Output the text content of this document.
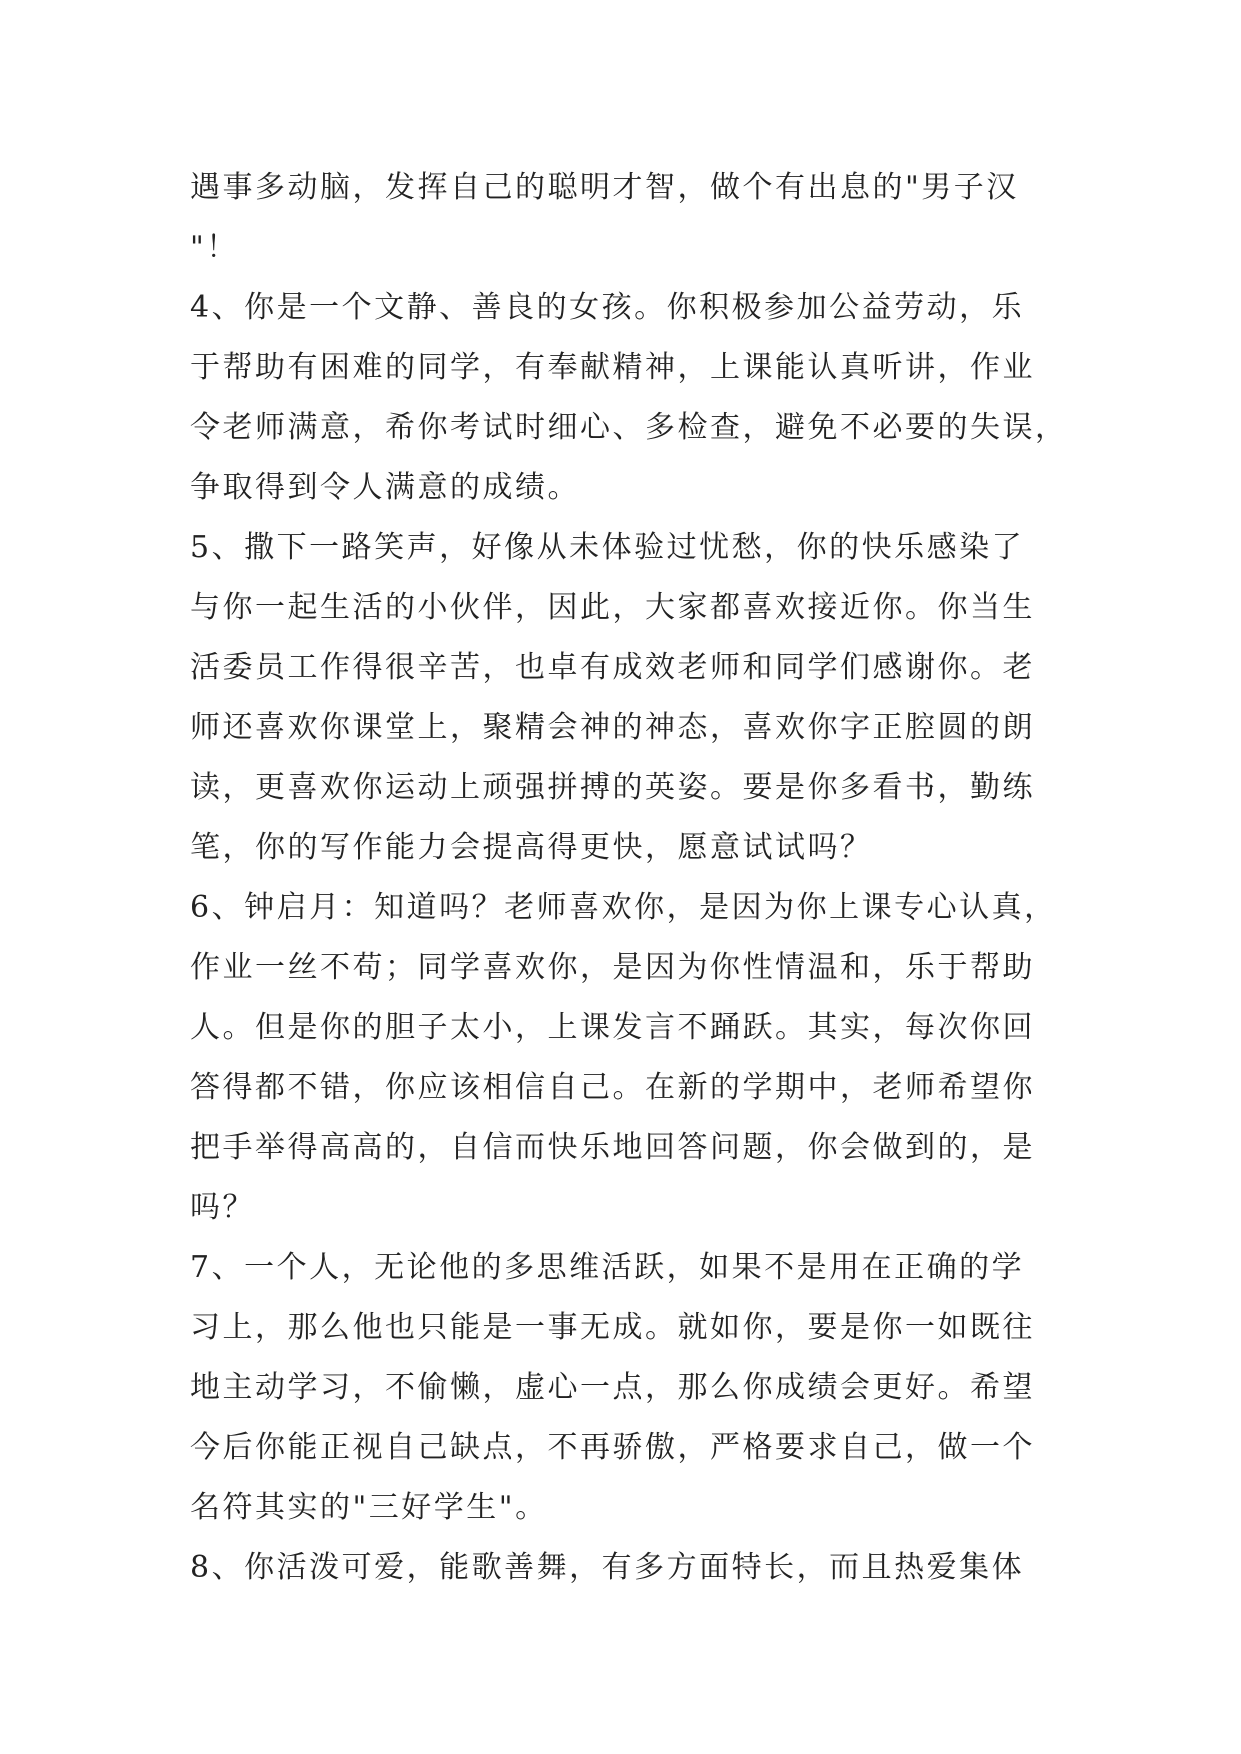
遇事多动脑，发挥自己的聪明才智，做个有出息的"男子汉
"！
4、你是一个文静、善良的女孩。你积极参加公益劳动，乐
于帮助有困难的同学，有奉献精神，上课能认真听讲，作业
令老师满意，希你考试时细心、多检查，避免不必要的失误，
争取得到令人满意的成绩。
5、撒下一路笑声，好像从未体验过忧愁，你的快乐感染了
与你一起生活的小伙伴，因此，大家都喜欢接近你。你当生
活委员工作得很辛苦，也卓有成效老师和同学们感谢你。老
师还喜欢你课堂上，聚精会神的神态，喜欢你字正腔圆的朗
读，更喜欢你运动上顽强拼搏的英姿。要是你多看书，勤练
笔，你的写作能力会提高得更快，愿意试试吗？
6、钟启月：知道吗？老师喜欢你，是因为你上课专心认真，
作业一丝不苟；同学喜欢你，是因为你性情温和，乐于帮助
人。但是你的胆子太小，上课发言不踊跃。其实，每次你回
答得都不错，你应该相信自己。在新的学期中，老师希望你
把手举得高高的，自信而快乐地回答问题，你会做到的，是
吗？
7、一个人，无论他的多思维活跃，如果不是用在正确的学
习上，那么他也只能是一事无成。就如你，要是你一如既往
地主动学习，不偷懒，虚心一点，那么你成绩会更好。希望
今后你能正视自己缺点，不再骄傲，严格要求自己，做一个
名符其实的"三好学生"。
8、你活泼可爱，能歌善舞，有多方面特长，而且热爱集体
